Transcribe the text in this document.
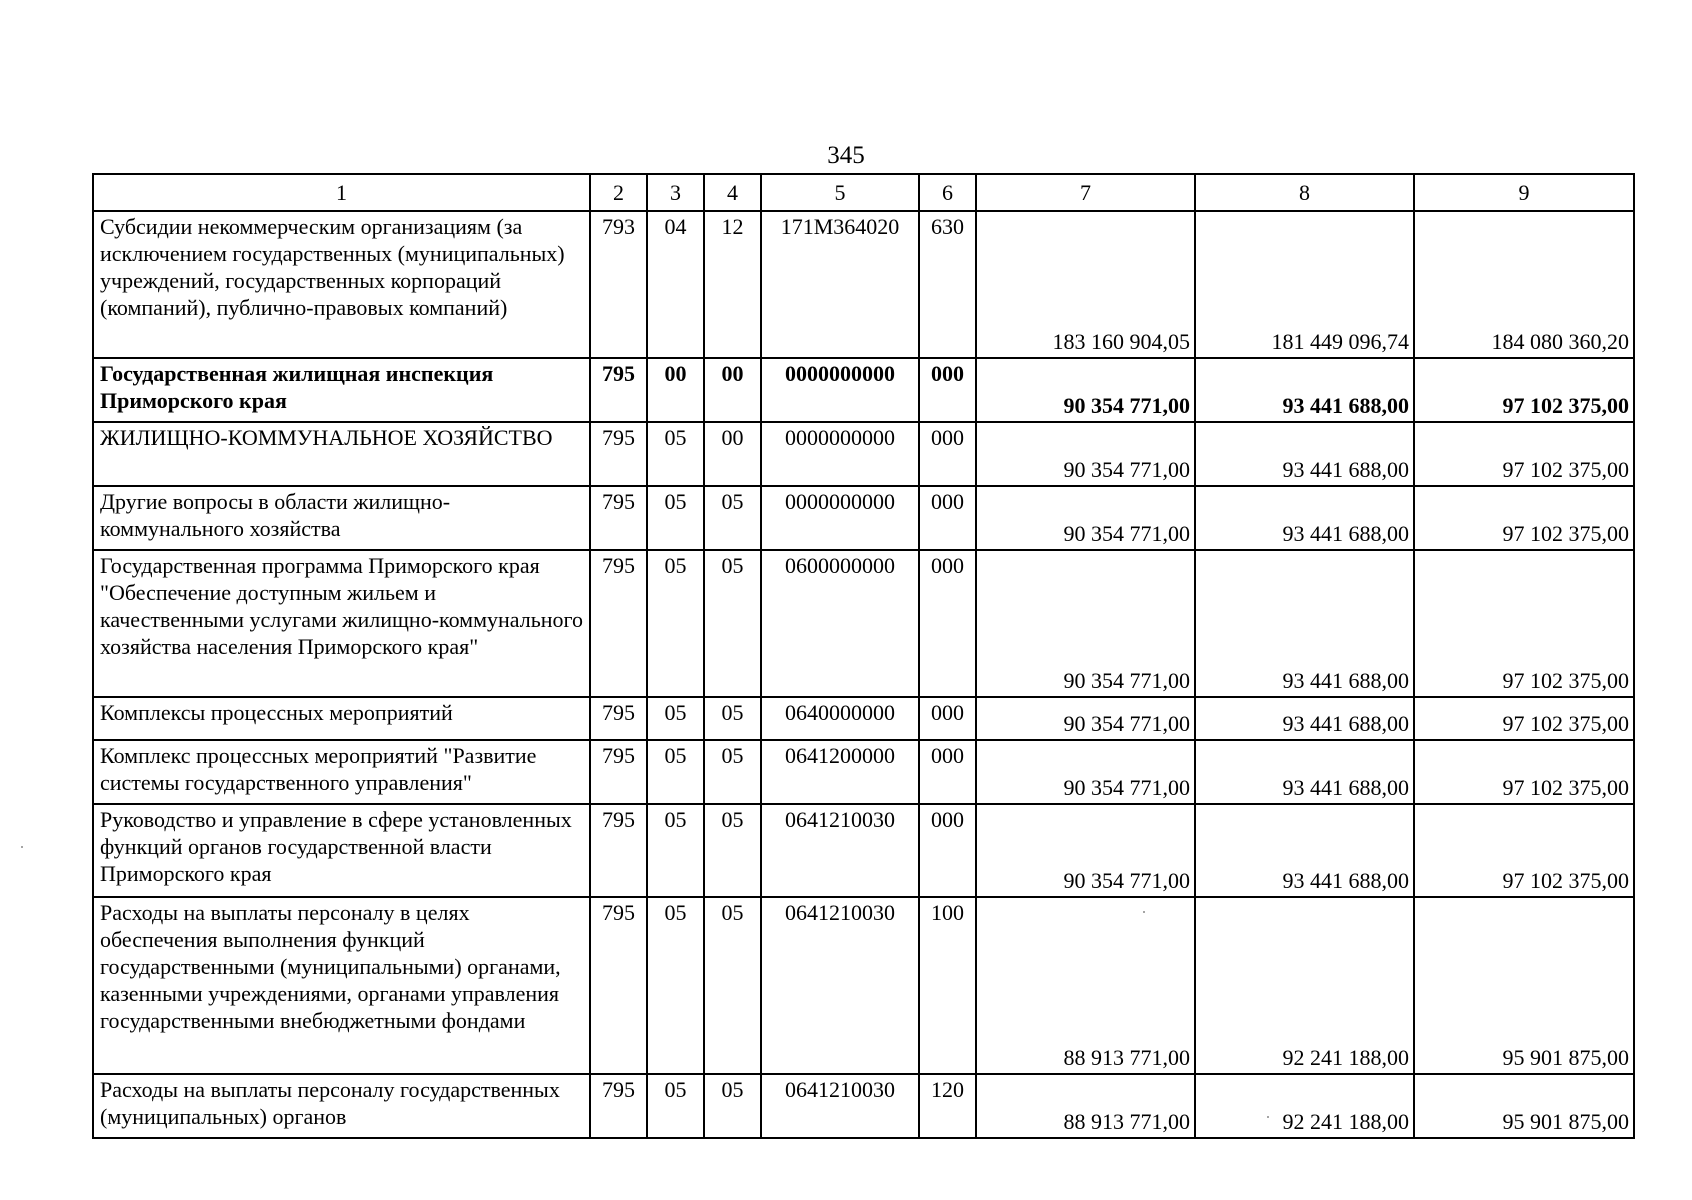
345
1	2	3	4	5	6	7	8	9
Субсидии некоммерческим организациям (за исключением государственных (муниципальных) учреждений, государственных корпораций (компаний), публично-правовых компаний)	793	04	12	171М364020	630	183 160 904,05	181 449 096,74	184 080 360,20
Государственная жилищная инспекция Приморского края	795	00	00	0000000000	000	90 354 771,00	93 441 688,00	97 102 375,00
ЖИЛИЩНО-КОММУНАЛЬНОЕ ХОЗЯЙСТВО	795	05	00	0000000000	000	90 354 771,00	93 441 688,00	97 102 375,00
Другие вопросы в области жилищно-коммунального хозяйства	795	05	05	0000000000	000	90 354 771,00	93 441 688,00	97 102 375,00
Государственная программа Приморского края "Обеспечение доступным жильем и качественными услугами жилищно-коммунального хозяйства населения Приморского края"	795	05	05	0600000000	000	90 354 771,00	93 441 688,00	97 102 375,00
Комплексы процессных мероприятий	795	05	05	0640000000	000	90 354 771,00	93 441 688,00	97 102 375,00
Комплекс процессных мероприятий "Развитие системы государственного управления"	795	05	05	0641200000	000	90 354 771,00	93 441 688,00	97 102 375,00
Руководство и управление в сфере установленных функций органов государственной власти Приморского края	795	05	05	0641210030	000	90 354 771,00	93 441 688,00	97 102 375,00
Расходы на выплаты персоналу в целях обеспечения выполнения функций государственными (муниципальными) органами, казенными учреждениями, органами управления государственными внебюджетными фондами	795	05	05	0641210030	100	88 913 771,00	92 241 188,00	95 901 875,00
Расходы на выплаты персоналу государственных (муниципальных) органов	795	05	05	0641210030	120	88 913 771,00	92 241 188,00	95 901 875,00
